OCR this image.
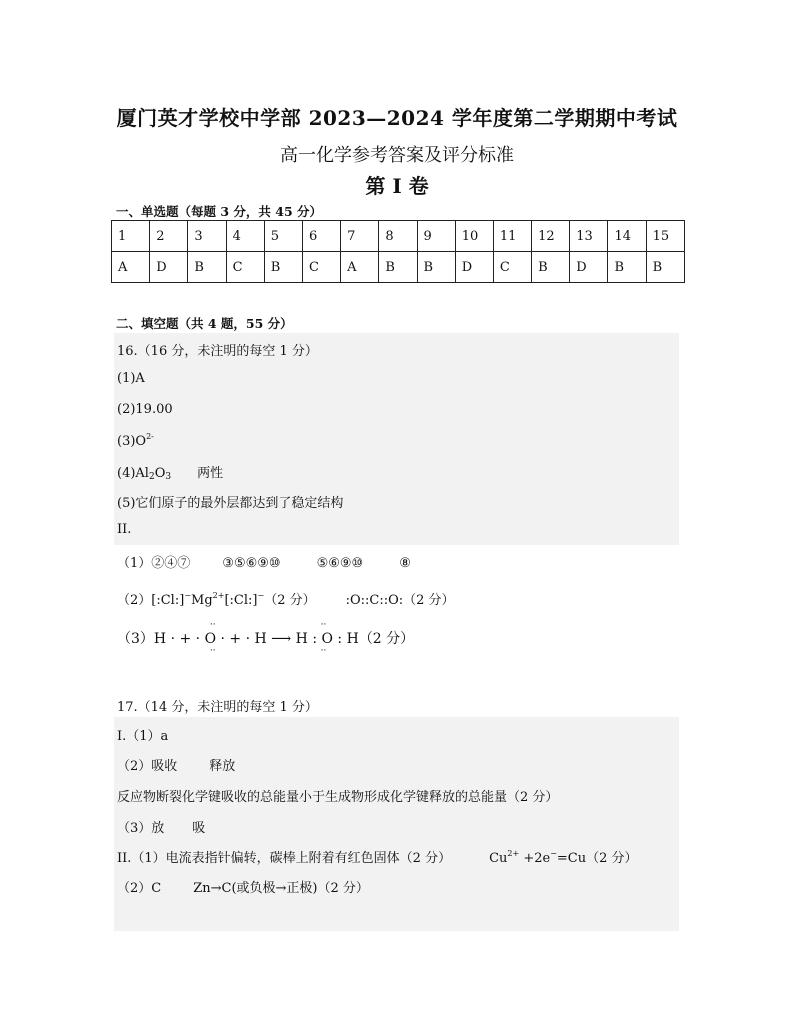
厦门英才学校中学部 2023—2024 学年度第二学期期中考试
高一化学参考答案及评分标准
第 I 卷
一、单选题（每题 3 分，共 45 分）
1	2	3	4	5	6	7	8	9	10	11	12	13	14	15
A	D	B	C	B	C	A	B	B	D	C	B	D	B	B
二、填空题（共 4 题，55 分）
16.（16 分，未注明的每空 1 分）
(1)A
(2)19.00
$(3)O^{2-}$
$(4)Al_2O_3$ 两性
(5)它们原子的最外层都达到了稳定结构
II.
（1）②④⑦ ③⑤⑥⑨⑩	⑤⑥⑨⑩	⑧
$(2)[:Cl:]^-Mg^{2+}[:Cl:]^-(2$ 分） :O::C::O:（2 分）
（3）
··
··
H · + · O · + · H ⟶
··
··
H : O : H（2 分）
17.（14 分，未注明的每空 1 分）
I.（1）a
（2）吸收 释放
反应物断裂化学键吸收的总能量小于生成物形成化学键释放的总能量（2 分）
（3）放 吸
II.（1）电流表指针偏转，碳棒上附着有红色固体（2 分）	$Cu^{2+} +2e^-=Cu(2$ 分）
（2）C Zn→C(或负极→正极)（2 分）
